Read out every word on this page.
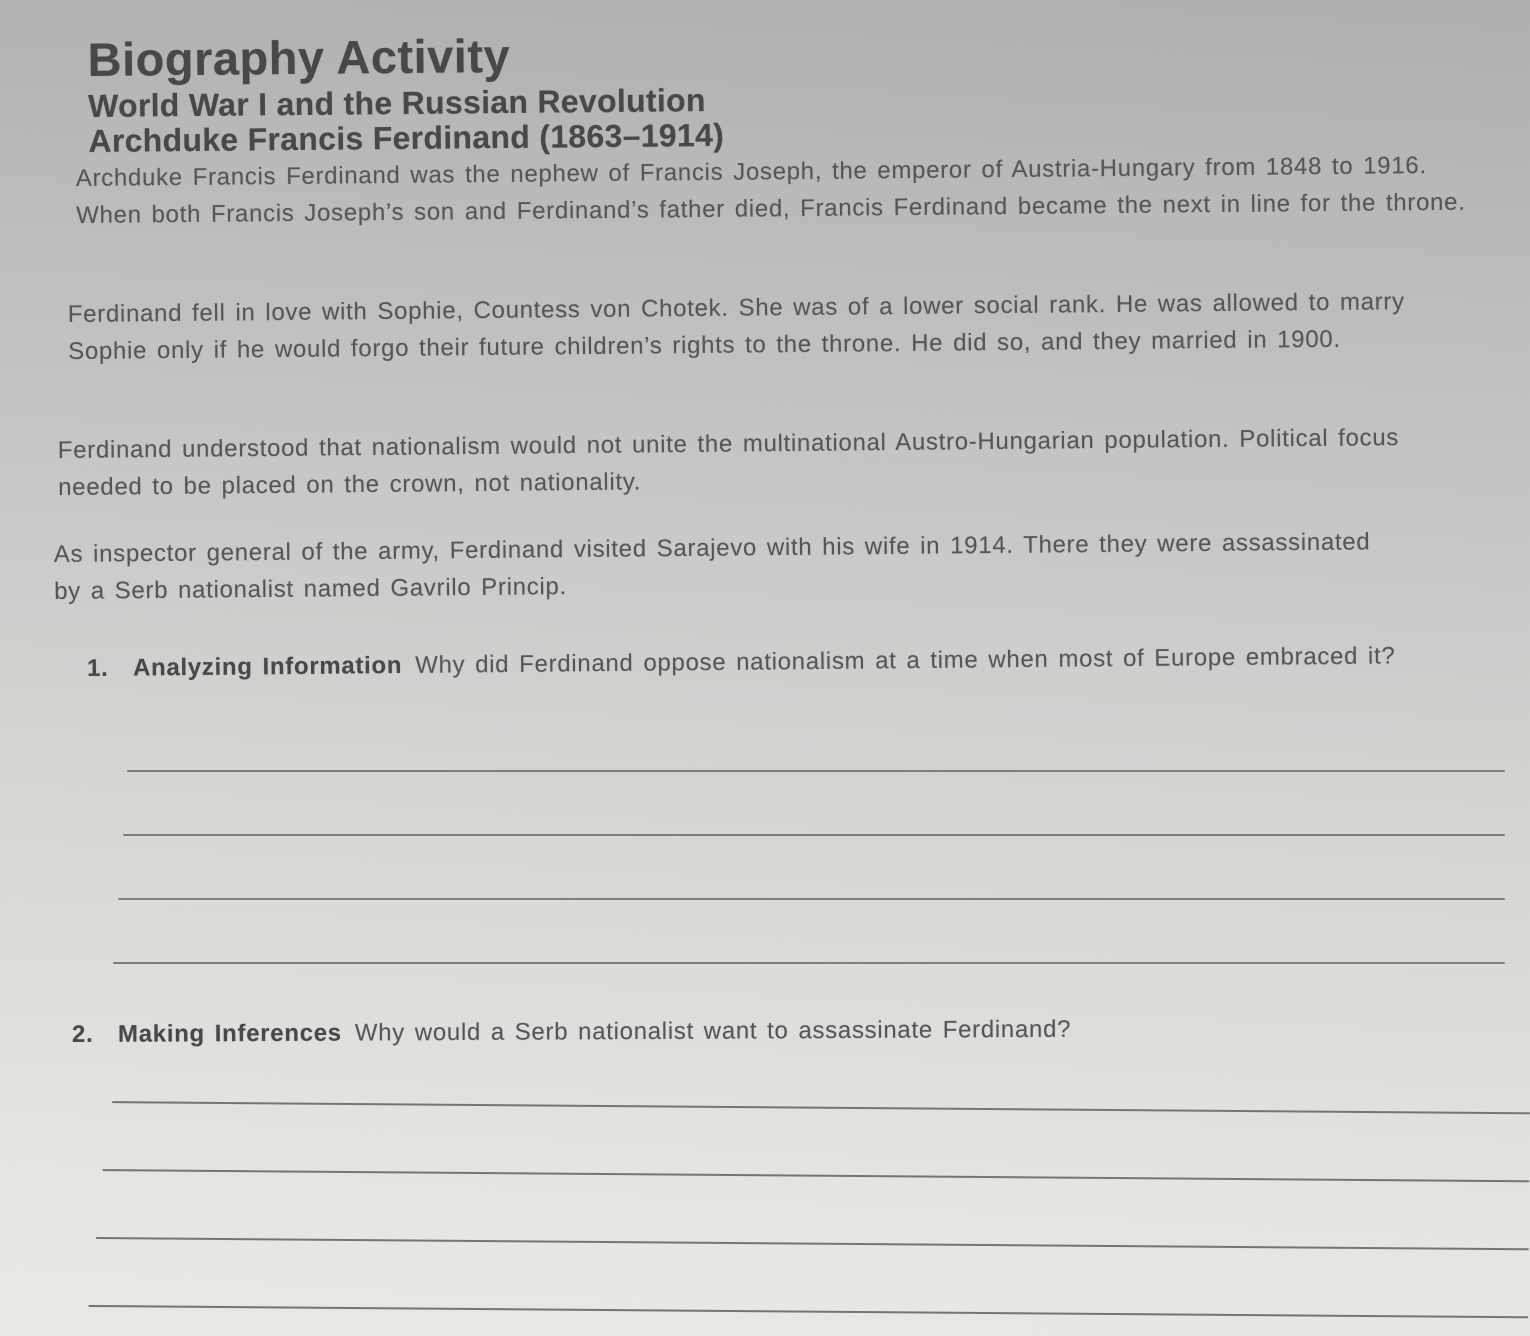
Biography Activity
World War I and the Russian Revolution
Archduke Francis Ferdinand (1863–1914)

Archduke Francis Ferdinand was the nephew of Francis Joseph, the emperor of Austria-Hungary from 1848 to 1916. When both Francis Joseph’s son and Ferdinand’s father died, Francis Ferdinand became the next in line for the throne.

Ferdinand fell in love with Sophie, Countess von Chotek. She was of a lower social rank. He was allowed to marry Sophie only if he would forgo their future children’s rights to the throne. He did so, and they married in 1900.

Ferdinand understood that nationalism would not unite the multinational Austro-Hungarian population. Political focus needed to be placed on the crown, not nationality.

As inspector general of the army, Ferdinand visited Sarajevo with his wife in 1914. There they were assassinated by a Serb nationalist named Gavrilo Princip.

1. Analyzing Information Why did Ferdinand oppose nationalism at a time when most of Europe embraced it?
2. Making Inferences Why would a Serb nationalist want to assassinate Ferdinand?
